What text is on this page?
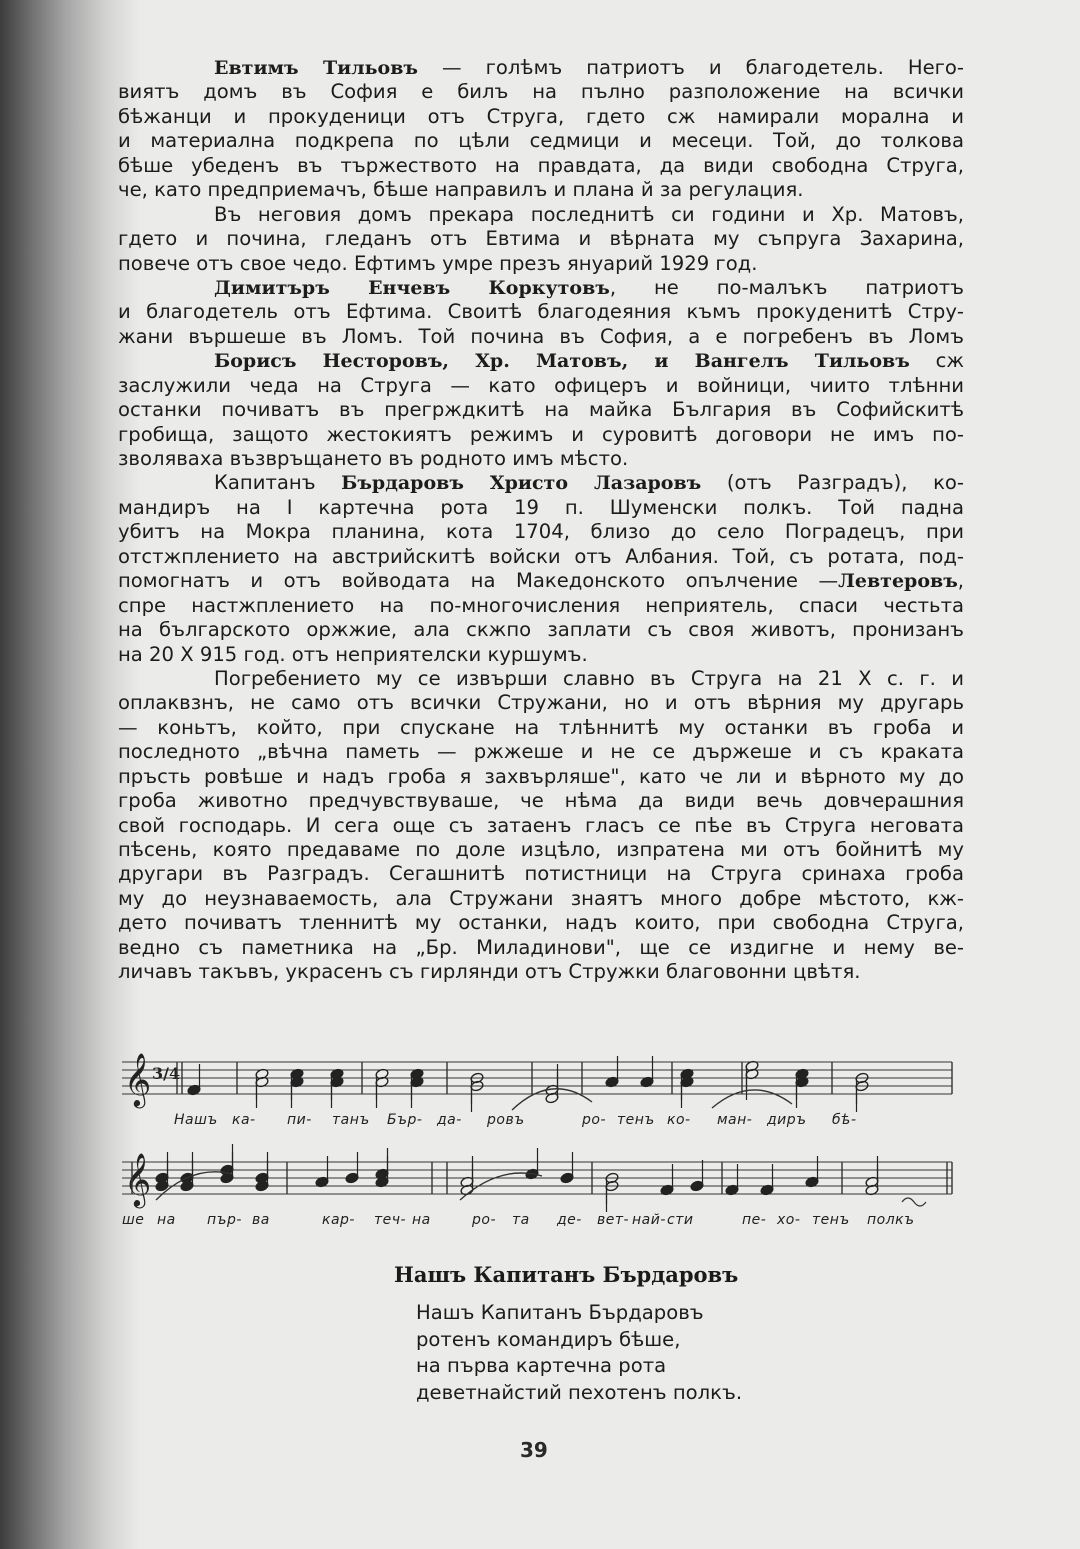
Евтимъ Тильовъ — голѣмъ патриотъ и благодетель. Него-

виятъ домъ въ София е билъ на пълно разположение на всички

бѣжанци и прокуденици отъ Струга, гдето сж намирали морална и

и материална подкрепа по цѣли седмици и месеци. Той, до толкова

бѣше убеденъ въ тържеството на правдата, да види свободна Струга,

че, като предприемачъ, бѣше направилъ и плана й за регулация.

Въ неговия домъ прекара последнитѣ си години и Хр. Матовъ,

гдето и почина, гледанъ отъ Евтима и вѣрната му съпруга Захарина,

повече отъ свое чедо. Ефтимъ умре презъ януарий 1929 год.

Димитъръ Енчевъ Коркутовъ, не по-малъкъ патриотъ

и благодетель отъ Ефтима. Своитѣ благодеяния къмъ прокуденитѣ Стру-

жани вършеше въ Ломъ. Той почина въ София, а е погребенъ въ Ломъ

Борисъ Несторовъ, Хр. Матовъ, и Вангелъ Тильовъ сж

заслужили чеда на Струга — като офицеръ и войници, чиито тлѣнни

останки почиватъ въ прегрждкитѣ на майка България въ Софийскитѣ

гробища, защото жестокиятъ режимъ и суровитѣ договори не имъ по-

зволяваха възвръщането въ родното имъ мѣсто.

Капитанъ Бърдаровъ Христо Лазаровъ (отъ Разградъ), ко-

мандиръ на I картечна рота 19 п. Шуменски полкъ. Той падна

убитъ на Мокра планина, кота 1704, близо до село Поградецъ, при

отстжплението на австрийскитѣ войски отъ Албания. Той, съ ротата, под-

помогнатъ и отъ войводата на Македонското опълчение —Левтеровъ,

спре настжплението на по-многочисления неприятель, спаси честьта

на българското оржжие, ала скжпо заплати съ своя животъ, пронизанъ

на 20 X 915 год. отъ неприятелски куршумъ.

Погребението му се извърши славно въ Струга на 21 X с. г. и

оплаквзнъ, не само отъ всички Стружани, но и отъ вѣрния му другарь

— коньтъ, който, при спускане на тлѣннитѣ му останки въ гроба и

последното „вѣчна паметь — ржжеше и не се държеше и съ краката

пръсть ровѣше и надъ гроба я захвърляше", като че ли и вѣрното му до

гроба животно предчувствуваше, че нѣма да види вечь довчерашния

свой господарь. И сега още съ затаенъ гласъ се пѣе въ Струга неговата

пѣсень, която предаваме по доле изцѣло, изпратена ми отъ бойнитѣ му

другари въ Разградъ. Сегашнитѣ потистници на Струга сринаха гроба

му до неузнаваемость, ала Стружани знаятъ много добре мѣстото, кж-

дето почиватъ тленнитѣ му останки, надъ които, при свободна Струга,

ведно съ паметника на „Бр. Миладинови", ще се издигне и нему ве-

личавъ такъвъ, украсенъ съ гирлянди отъ Стружки благовонни цвѣтя.

𝄞
𝄞
3/4
Нашъ ка- пи- танъ Бър- да- ровъ	ро- тенъ ко- ман- диръ бѣ-
ше на пър- ва	кар- теч- на	ро- та де- вет- най- сти	пе- хо- тенъ полкъ
Нашъ Капитанъ Бърдаровъ
Нашъ Капитанъ Бърдаровъ
ротенъ командиръ бѣше,
на първа картечна рота
деветнайстий пехотенъ полкъ.
39
